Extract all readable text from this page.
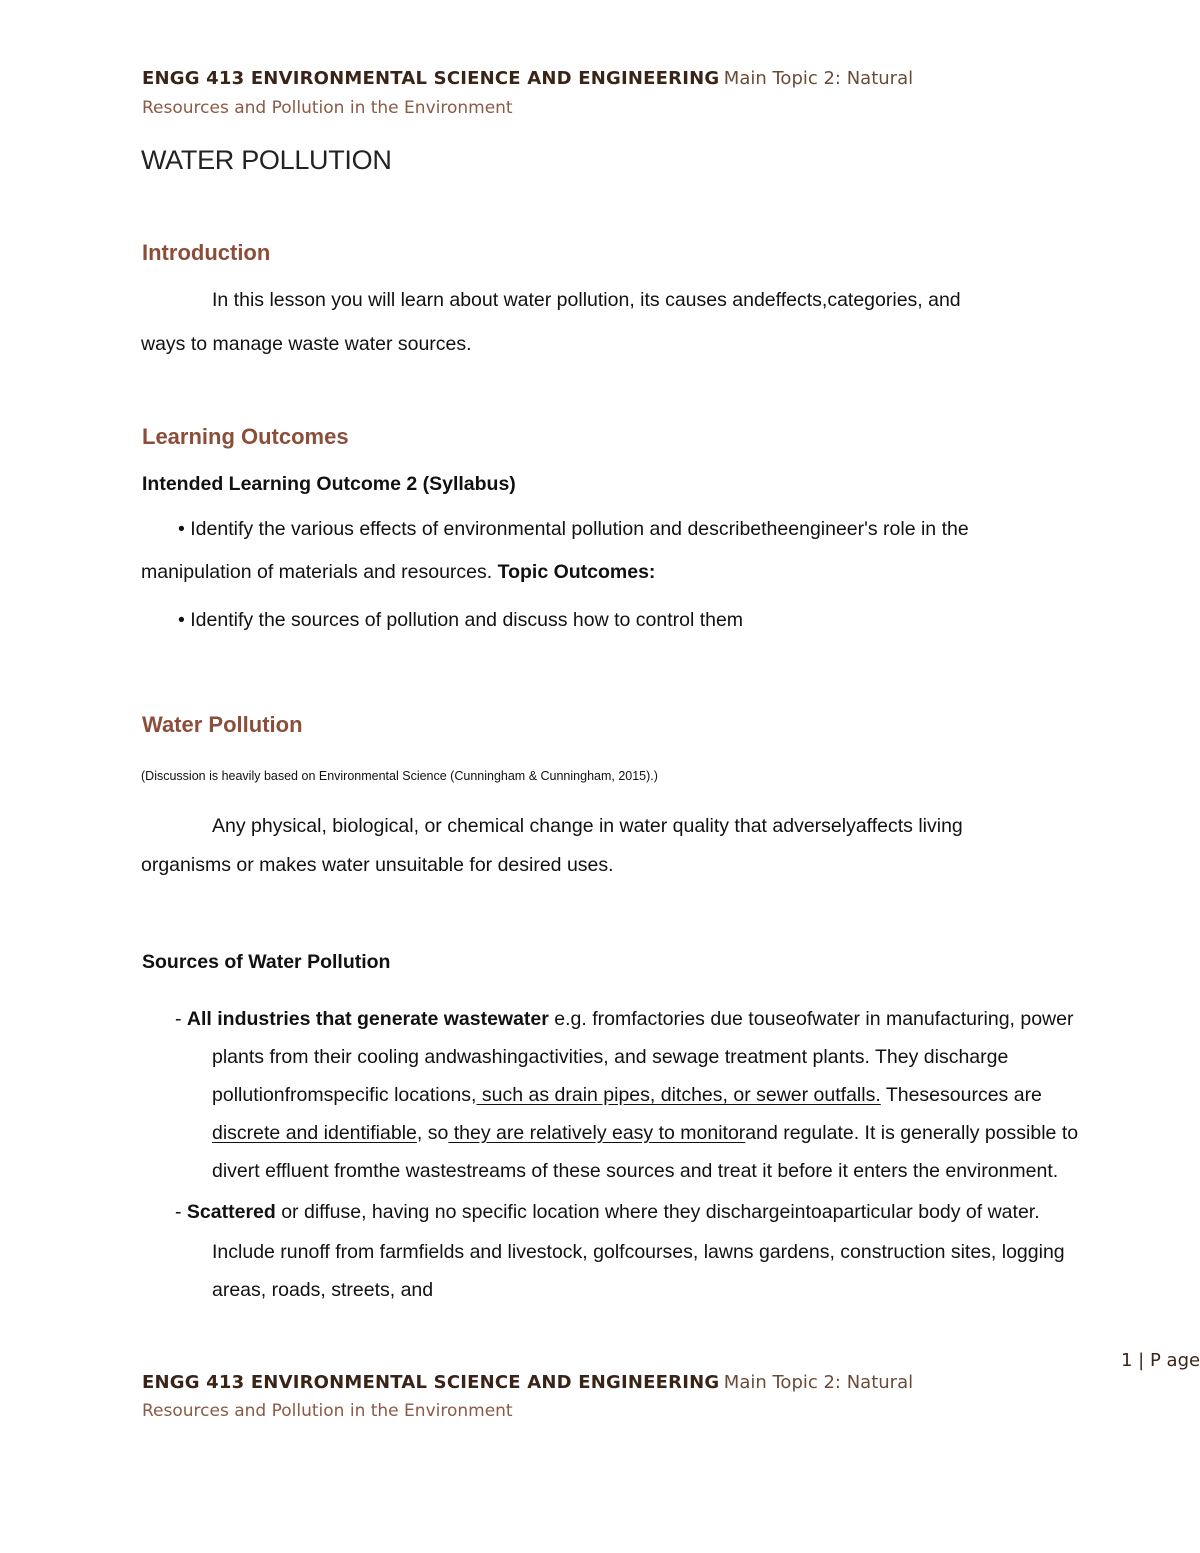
ENGG 413 ENVIRONMENTAL SCIENCE AND ENGINEERING Main Topic 2: Natural
Resources and Pollution in the Environment
WATER POLLUTION
Introduction
In this lesson you will learn about water pollution, its causes andeffects,categories, and
ways to manage waste water sources.
Learning Outcomes
Intended Learning Outcome 2 (Syllabus)
• Identify the various effects of environmental pollution and describetheengineer's role in the
manipulation of materials and resources. Topic Outcomes:
• Identify the sources of pollution and discuss how to control them
Water Pollution
(Discussion is heavily based on Environmental Science (Cunningham & Cunningham, 2015).)
Any physical, biological, or chemical change in water quality that adverselyaffects living
organisms or makes water unsuitable for desired uses.
Sources of Water Pollution
- All industries that generate wastewater e.g. fromfactories due touseofwater in manufacturing, power
plants from their cooling andwashingactivities, and sewage treatment plants. They discharge
pollutionfromspecific locations, such as drain pipes, ditches, or sewer outfalls. Thesesources are
discrete and identifiable, so they are relatively easy to monitorand regulate. It is generally possible to
divert effluent fromthe wastestreams of these sources and treat it before it enters the environment.
- Scattered or diffuse, having no specific location where they dischargeintoaparticular body of water.
Include runoff from farmfields and livestock, golfcourses, lawns gardens, construction sites, logging
areas, roads, streets, and
1 | P age
ENGG 413 ENVIRONMENTAL SCIENCE AND ENGINEERING Main Topic 2: Natural
Resources and Pollution in the Environment
